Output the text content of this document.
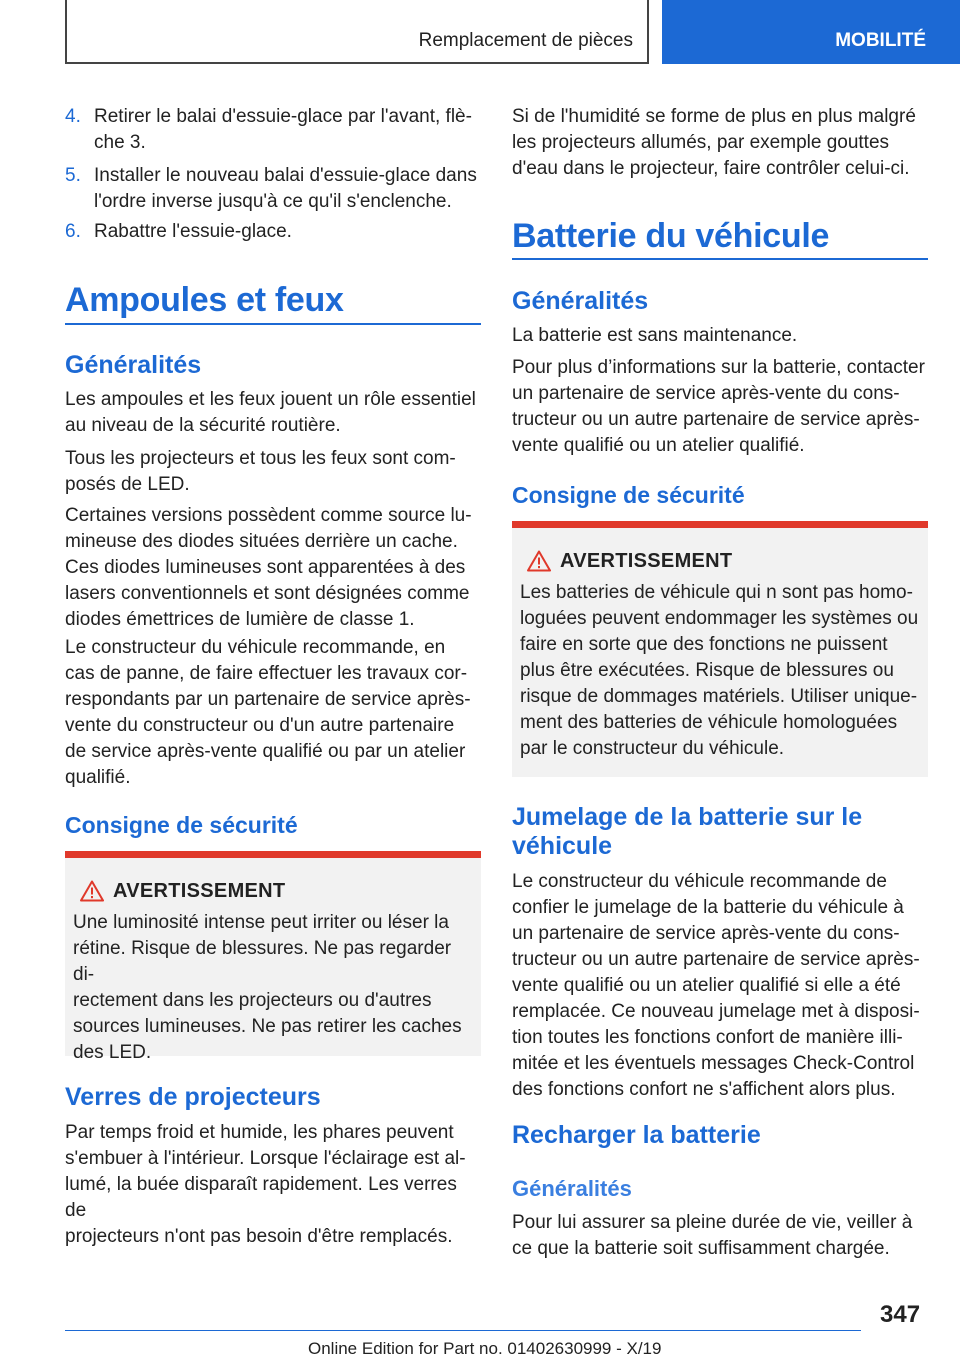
Remplacement de pièces	MOBILITÉ
4. Retirer le balai d'essuie-glace par l'avant, flè-
che 3.
5. Installer le nouveau balai d'essuie-glace dans
l'ordre inverse jusqu'à ce qu'il s'enclenche.
6. Rabattre l'essuie-glace.
Ampoules et feux
Généralités
Les ampoules et les feux jouent un rôle essentiel
au niveau de la sécurité routière.
Tous les projecteurs et tous les feux sont com-
posés de LED.
Certaines versions possèdent comme source lu-
mineuse des diodes situées derrière un cache.
Ces diodes lumineuses sont apparentées à des
lasers conventionnels et sont désignées comme
diodes émettrices de lumière de classe 1.
Le constructeur du véhicule recommande, en
cas de panne, de faire effectuer les travaux cor-
respondants par un partenaire de service après-
vente du constructeur ou d'un autre partenaire
de service après-vente qualifié ou par un atelier
qualifié.
Consigne de sécurité
AVERTISSEMENT
Une luminosité intense peut irriter ou léser la
rétine. Risque de blessures. Ne pas regarder di-
rectement dans les projecteurs ou d'autres
sources lumineuses. Ne pas retirer les caches
des LED.
Verres de projecteurs
Par temps froid et humide, les phares peuvent
s'embuer à l'intérieur. Lorsque l'éclairage est al-
lumé, la buée disparaît rapidement. Les verres de
projecteurs n'ont pas besoin d'être remplacés.
Si de l'humidité se forme de plus en plus malgré
les projecteurs allumés, par exemple gouttes
d'eau dans le projecteur, faire contrôler celui-ci.
Batterie du véhicule
Généralités
La batterie est sans maintenance.
Pour plus d’informations sur la batterie, contacter
un partenaire de service après-vente du cons-
tructeur ou un autre partenaire de service après-
vente qualifié ou un atelier qualifié.
Consigne de sécurité
AVERTISSEMENT
Les batteries de véhicule qui n sont pas homo-
loguées peuvent endommager les systèmes ou
faire en sorte que des fonctions ne puissent
plus être exécutées. Risque de blessures ou
risque de dommages matériels. Utiliser unique-
ment des batteries de véhicule homologuées
par le constructeur du véhicule.
Jumelage de la batterie sur le
véhicule
Le constructeur du véhicule recommande de
confier le jumelage de la batterie du véhicule à
un partenaire de service après-vente du cons-
tructeur ou un autre partenaire de service après-
vente qualifié ou un atelier qualifié si elle a été
remplacée. Ce nouveau jumelage met à disposi-
tion toutes les fonctions confort de manière illi-
mitée et les éventuels messages Check-Control
des fonctions confort ne s'affichent alors plus.
Recharger la batterie
Généralités
Pour lui assurer sa pleine durée de vie, veiller à
ce que la batterie soit suffisamment chargée.
347
Online Edition for Part no. 01402630999 - X/19
